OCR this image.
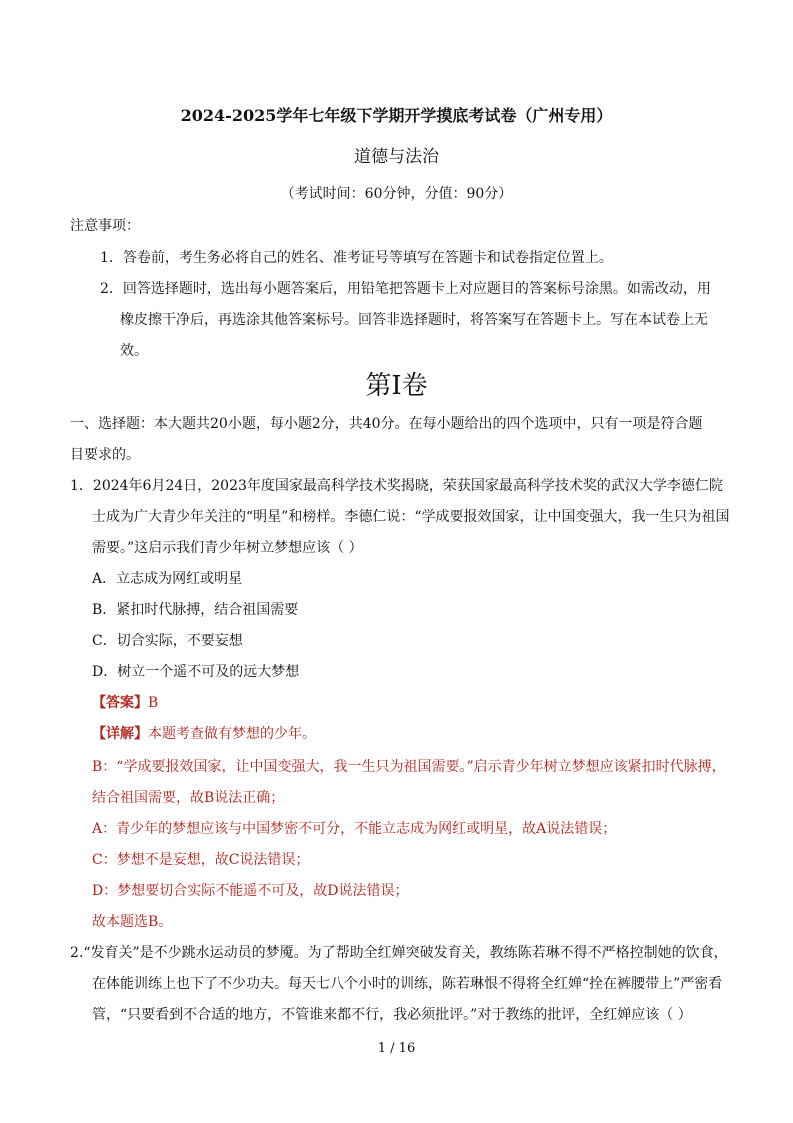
2024-2025学年七年级下学期开学摸底考试卷（广州专用）
道德与法治
（考试时间：60分钟，分值：90分）
注意事项：
1．答卷前，考生务必将自己的姓名、准考证号等填写在答题卡和试卷指定位置上。
2．回答选择题时，选出每小题答案后，用铅笔把答题卡上对应题目的答案标号涂黑。如需改动，用
橡皮擦干净后，再选涂其他答案标号。回答非选择题时，将答案写在答题卡上。写在本试卷上无
效。
第Ⅰ卷
一、选择题：本大题共20小题，每小题2分，共40分。在每小题给出的四个选项中，只有一项是符合题
目要求的。
1．2024年6月24日，2023年度国家最高科学技术奖揭晓，荣获国家最高科学技术奖的武汉大学李德仁院
士成为广大青少年关注的“明星”和榜样。李德仁说：“学成要报效国家，让中国变强大，我一生只为祖国
需要。”这启示我们青少年树立梦想应该（ ）
A．立志成为网红或明星
B．紧扣时代脉搏，结合祖国需要
C．切合实际，不要妄想
D．树立一个遥不可及的远大梦想
【答案】B
【详解】本题考查做有梦想的少年。
B：“学成要报效国家，让中国变强大，我一生只为祖国需要。”启示青少年树立梦想应该紧扣时代脉搏，
结合祖国需要，故B说法正确；
A：青少年的梦想应该与中国梦密不可分，不能立志成为网红或明星，故A说法错误；
C：梦想不是妄想，故C说法错误；
D：梦想要切合实际不能遥不可及，故D说法错误；
故本题选B。
2.“发育关”是不少跳水运动员的梦魇。为了帮助全红婵突破发育关，教练陈若琳不得不严格控制她的饮食，
在体能训练上也下了不少功夫。每天七八个小时的训练，陈若琳恨不得将全红婵“拴在裤腰带上”严密看
管，“只要看到不合适的地方，不管谁来都不行，我必须批评。”对于教练的批评，全红婵应该（ ）
1 / 16
